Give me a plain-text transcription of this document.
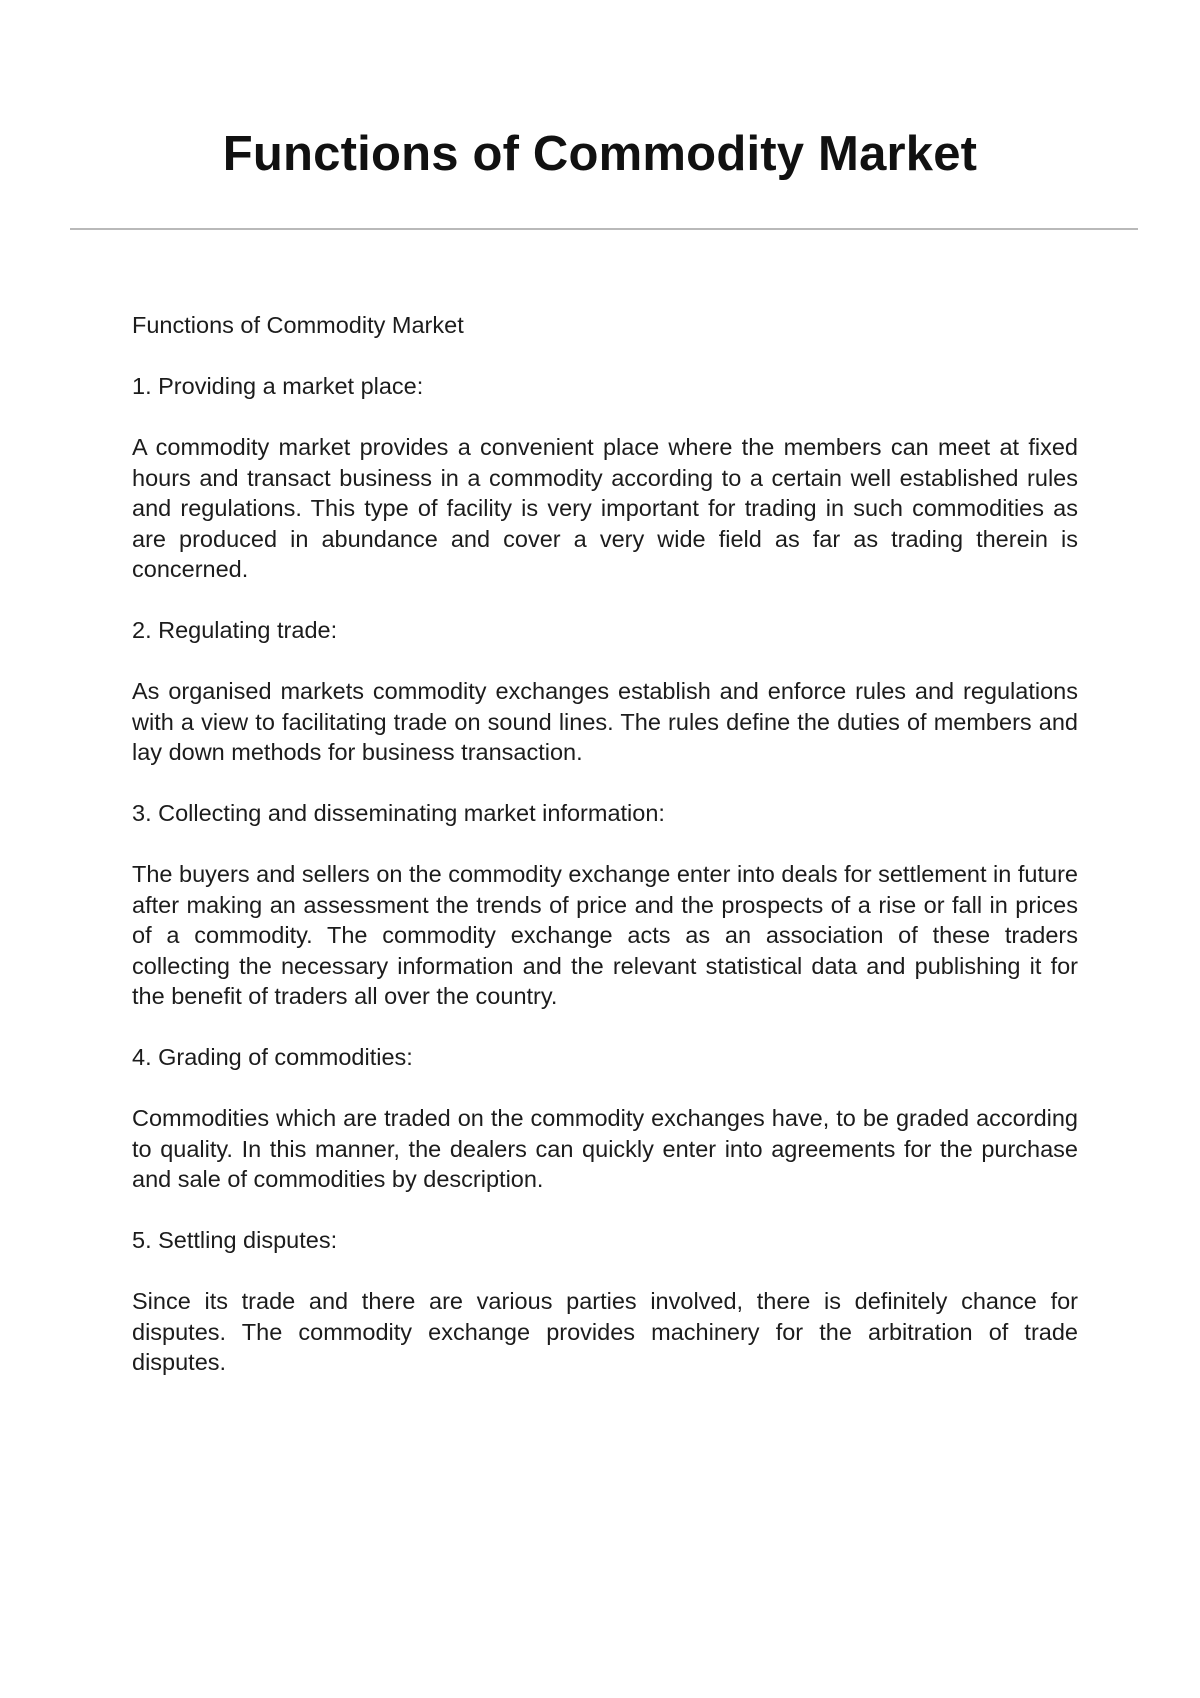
Functions of Commodity Market

Functions of Commodity Market

1. Providing a market place:

A commodity market provides a convenient place where the members can meet at fixed hours and transact business in a commodity according to a certain well established rules and regulations. This type of facility is very important for trading in such commodities as are produced in abundance and cover a very wide field as far as trading therein is concerned.

2. Regulating trade:

As organised markets commodity exchanges establish and enforce rules and regulations with a view to facilitating trade on sound lines. The rules define the duties of members and lay down methods for business transaction.

3. Collecting and disseminating market information:

The buyers and sellers on the commodity exchange enter into deals for settlement in future after making an assessment the trends of price and the prospects of a rise or fall in prices of a commodity. The commodity exchange acts as an association of these traders collecting the necessary information and the relevant statistical data and publishing it for the benefit of traders all over the country.

4. Grading of commodities:

Commodities which are traded on the commodity exchanges have, to be graded according to quality. In this manner, the dealers can quickly enter into agreements for the purchase and sale of commodities by description.

5. Settling disputes:

Since its trade and there are various parties involved, there is definitely chance for disputes. The commodity exchange provides machinery for the arbitration of trade disputes.
